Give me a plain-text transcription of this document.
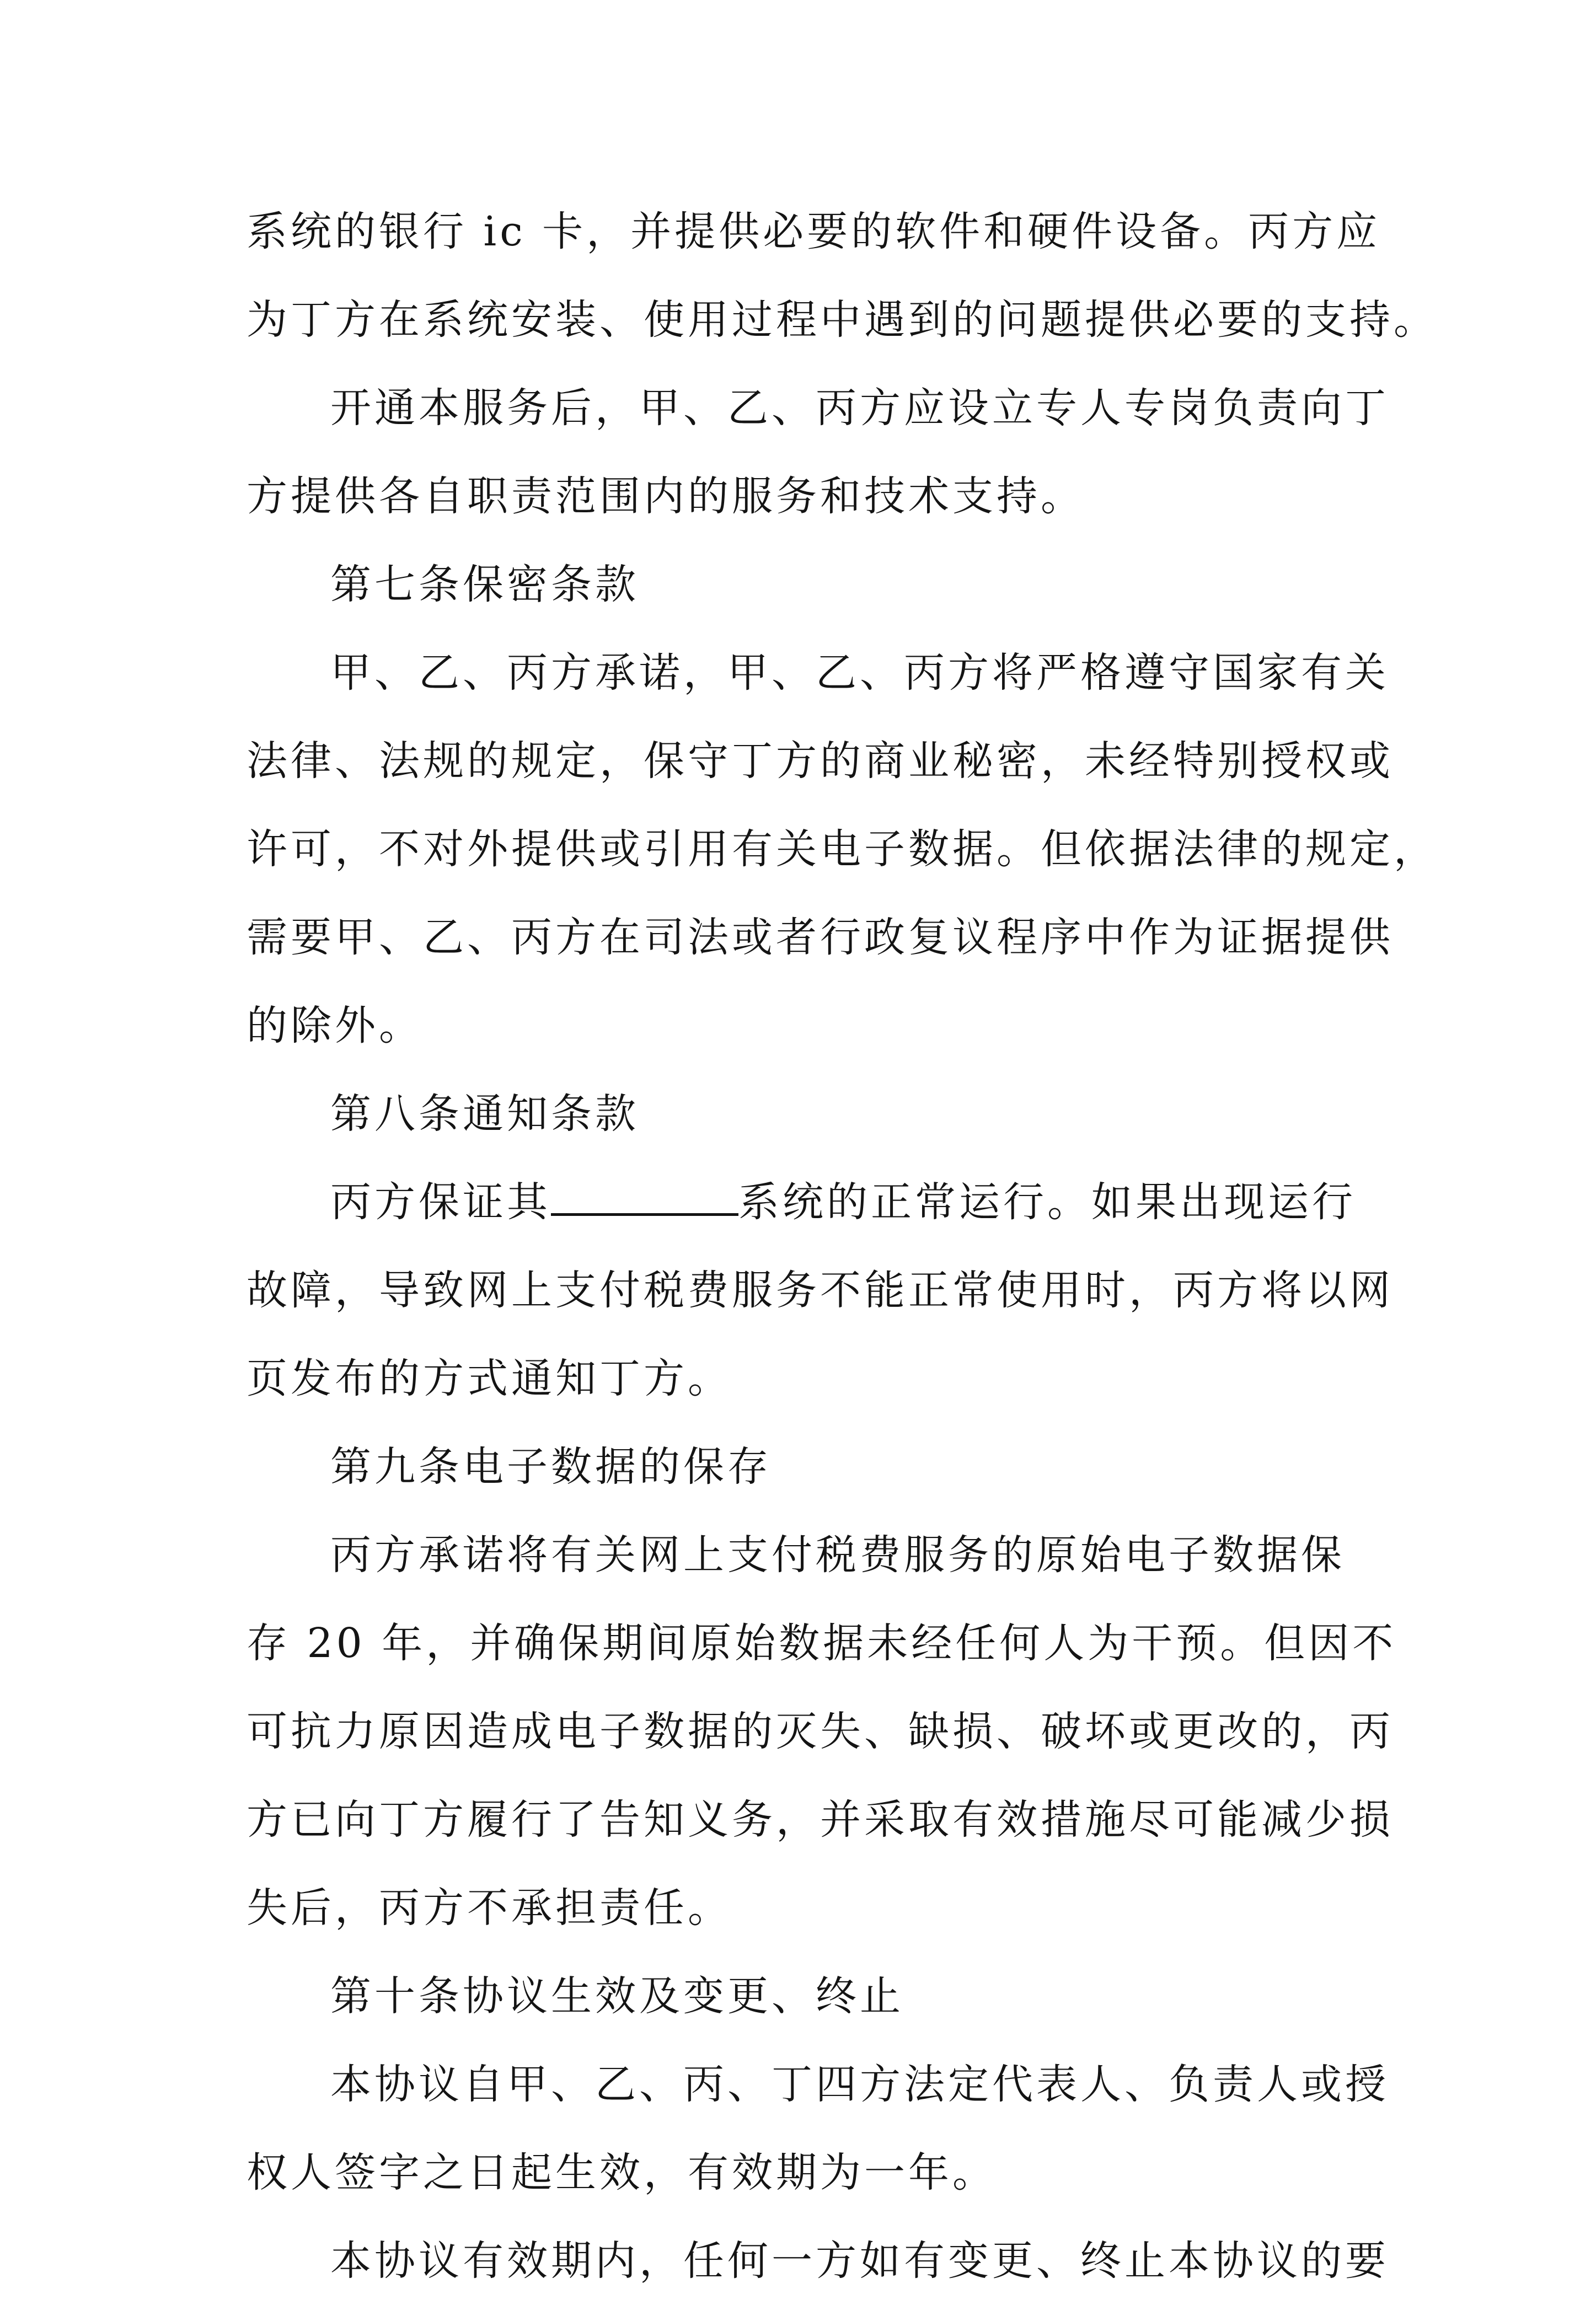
系统的银行 ic 卡，并提供必要的软件和硬件设备。丙方应
为丁方在系统安装、使用过程中遇到的问题提供必要的支持。
开通本服务后，甲、乙、丙方应设立专人专岗负责向丁
方提供各自职责范围内的服务和技术支持。
第七条保密条款
甲、乙、丙方承诺，甲、乙、丙方将严格遵守国家有关
法律、法规的规定，保守丁方的商业秘密，未经特别授权或
许可，不对外提供或引用有关电子数据。但依据法律的规定，
需要甲、乙、丙方在司法或者行政复议程序中作为证据提供
的除外。
第八条通知条款
丙方保证其	系统的正常运行。如果出现运行
故障，导致网上支付税费服务不能正常使用时，丙方将以网
页发布的方式通知丁方。
第九条电子数据的保存
丙方承诺将有关网上支付税费服务的原始电子数据保
存 20 年，并确保期间原始数据未经任何人为干预。但因不
可抗力原因造成电子数据的灭失、缺损、破坏或更改的，丙
方已向丁方履行了告知义务，并采取有效措施尽可能减少损
失后，丙方不承担责任。
第十条协议生效及变更、终止
本协议自甲、乙、丙、丁四方法定代表人、负责人或授
权人签字之日起生效，有效期为一年。
本协议有效期内，任何一方如有变更、终止本协议的要
